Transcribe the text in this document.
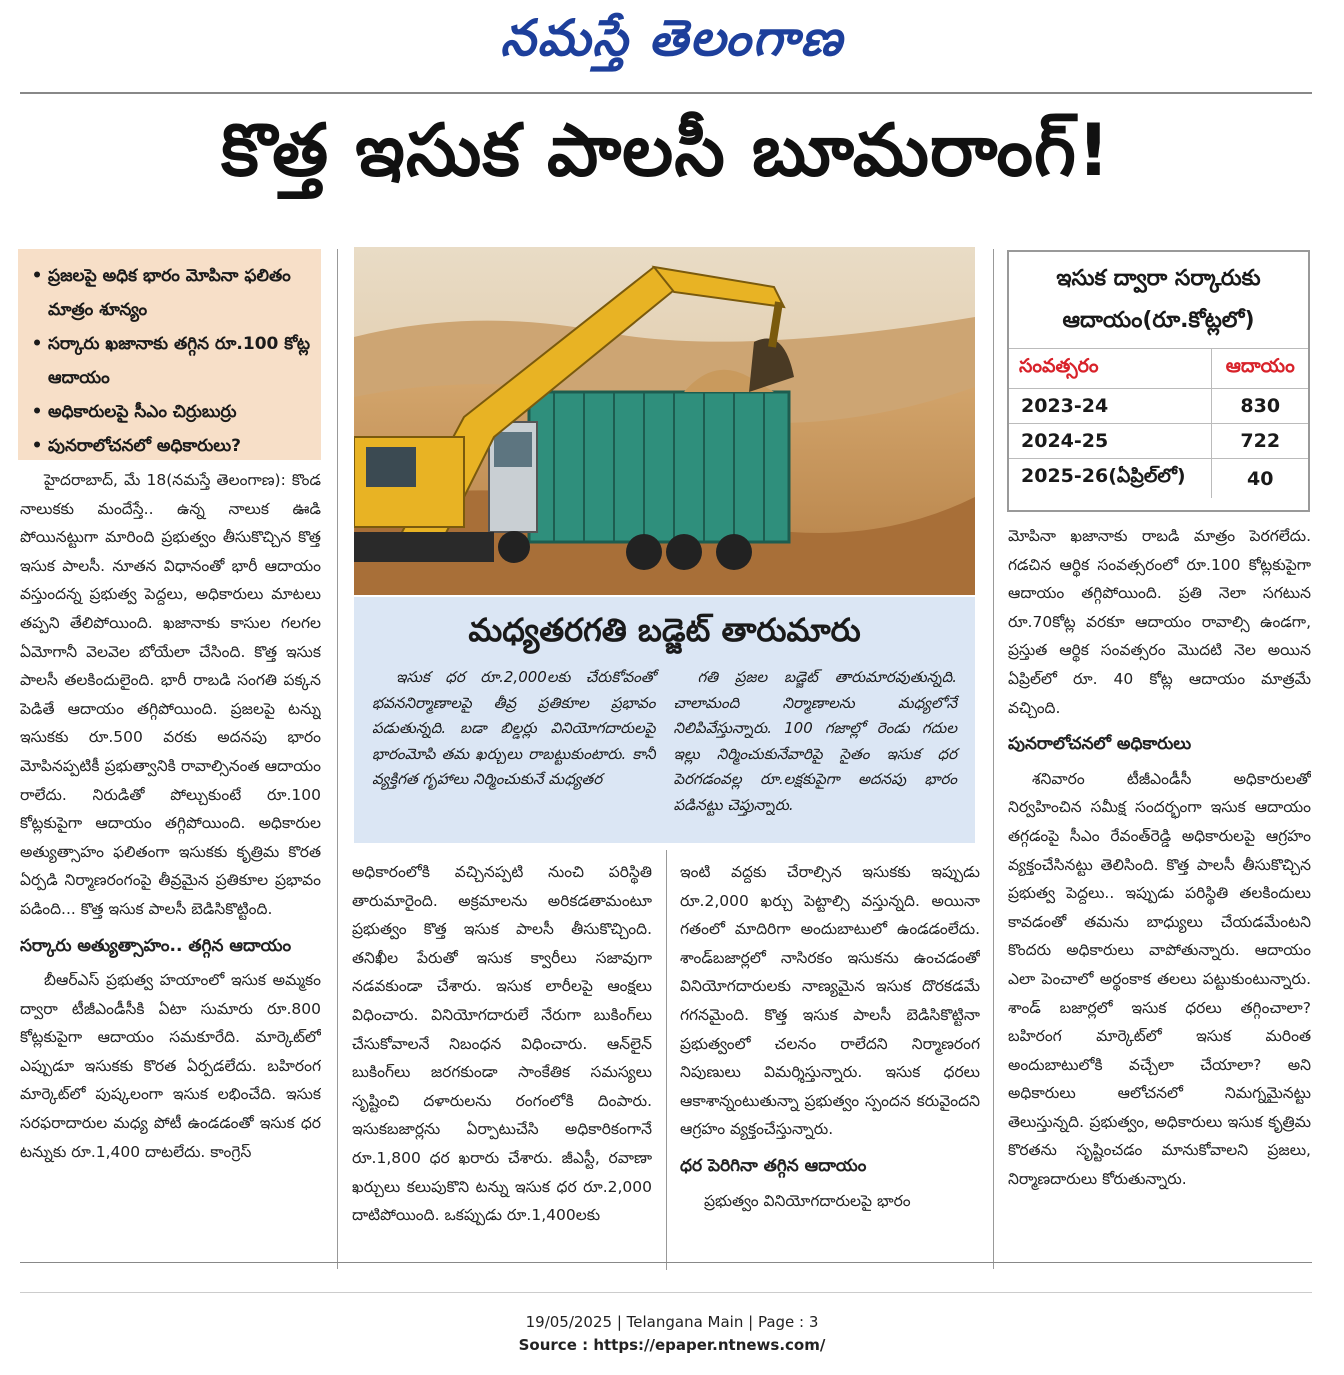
నమస్తే తెలంగాణ
కొత్త ఇసుక పాలసీ బూమరాంగ్!
• ప్రజలపై అధిక భారం మోపినా ఫలితం మాత్రం శూన్యం
• సర్కారు ఖజానాకు తగ్గిన రూ.100 కోట్ల ఆదాయం
• అధికారులపై సీఎం చిర్రుబుర్రు
• పునరాలోచనలో అధికారులు?

హైదరాబాద్, మే 18(నమస్తే తెలంగాణ): కొండ నాలుకకు మందేస్తే.. ఉన్న నాలుక ఊడి పోయినట్టుగా మారింది ప్రభుత్వం తీసుకొచ్చిన కొత్త ఇసుక పాలసీ. నూతన విధానంతో భారీ ఆదాయం వస్తుందన్న ప్రభుత్వ పెద్దలు, అధికారులు మాటలు తప్పని తేలిపోయింది. ఖజానాకు కాసుల గలగల ఏమోగానీ వెలవెల బోయేలా చేసింది. కొత్త ఇసుక పాలసీ తలకిందులైంది. భారీ రాబడి సంగతి పక్కన పెడితే ఆదాయం తగ్గిపోయింది. ప్రజలపై టన్ను ఇసుకకు రూ.500 వరకు అదనపు భారం మోపినప్పటికీ ప్రభుత్వానికి రావాల్సినంత ఆదాయం రాలేదు. నిరుడితో పోల్చుకుంటే రూ.100 కోట్లకుపైగా ఆదాయం తగ్గిపోయింది. అధికారుల అత్యుత్సాహం ఫలితంగా ఇసుకకు కృత్రిమ కొరత ఏర్పడి నిర్మాణరంగంపై తీవ్రమైన ప్రతికూల ప్రభావం పడింది... కొత్త ఇసుక పాలసీ బెడిసికొట్టింది.

సర్కారు అత్యుత్సాహం.. తగ్గిన ఆదాయం

బీఆర్ఎస్ ప్రభుత్వ హయాంలో ఇసుక అమ్మకం ద్వారా టీజీఎండీసీకి ఏటా సుమారు రూ.800 కోట్లకుపైగా ఆదాయం సమకూరేది. మార్కెట్‌లో ఎప్పుడూ ఇసుకకు కొరత ఏర్పడలేదు. బహిరంగ మార్కెట్‌లో పుష్కలంగా ఇసుక లభించేది. ఇసుక సరఫరాదారుల మధ్య పోటీ ఉండడంతో ఇసుక ధర టన్నుకు రూ.1,400 దాటలేదు. కాంగ్రెస్

మధ్యతరగతి బడ్జెట్ తారుమారు

ఇసుక ధర రూ.2,000లకు చేరుకోవంతో భవననిర్మాణాలపై తీవ్ర ప్రతికూల ప్రభావం పడుతున్నది. బడా బిల్డర్లు వినియోగదారులపై భారంమోపి తమ ఖర్చులు రాబట్టుకుంటారు. కానీ వ్యక్తిగత గృహాలు నిర్మించుకునే మధ్యతర

గతి ప్రజల బడ్జెట్ తారుమారవుతున్నది. చాలామంది నిర్మాణాలను మధ్యలోనే నిలిపివేస్తున్నారు. 100 గజాల్లో రెండు గదుల ఇల్లు నిర్మించుకునేవారిపై సైతం ఇసుక ధర పెరగడంవల్ల రూ.లక్షకుపైగా అదనపు భారం పడినట్టు చెప్తున్నారు.

అధికారంలోకి వచ్చినప్పటి నుంచి పరిస్థితి తారుమారైంది. అక్రమాలను అరికడతామంటూ ప్రభుత్వం కొత్త ఇసుక పాలసీ తీసుకొచ్చింది. తనిఖీల పేరుతో ఇసుక క్వారీలు సజావుగా నడవకుండా చేశారు. ఇసుక లారీలపై ఆంక్షలు విధించారు. వినియోగదారులే నేరుగా బుకింగ్‌లు చేసుకోవాలనే నిబంధన విధించారు. ఆన్‌లైన్ బుకింగ్‌లు జరగకుండా సాంకేతిక సమస్యలు సృష్టించి దళారులను రంగంలోకి దింపారు. ఇసుకబజార్లను ఏర్పాటుచేసి అధికారికంగానే రూ.1,800 ధర ఖరారు చేశారు. జీఎస్టీ, రవాణా ఖర్చులు కలుపుకొని టన్ను ఇసుక ధర రూ.2,000 దాటిపోయింది. ఒకప్పుడు రూ.1,400లకు

ఇంటి వద్దకు చేరాల్సిన ఇసుకకు ఇప్పుడు రూ.2,000 ఖర్చు పెట్టాల్సి వస్తున్నది. అయినా గతంలో మాదిరిగా అందుబాటులో ఉండడంలేదు. శాండ్‌బజార్లలో నాసిరకం ఇసుకను ఉంచడంతో వినియోగదారులకు నాణ్యమైన ఇసుక దొరకడమే గగనమైంది. కొత్త ఇసుక పాలసీ బెడిసికొట్టినా ప్రభుత్వంలో చలనం రాలేదని నిర్మాణరంగ నిపుణులు విమర్శిస్తున్నారు. ఇసుక ధరలు ఆకాశాన్నంటుతున్నా ప్రభుత్వం స్పందన కరువైందని ఆగ్రహం వ్యక్తంచేస్తున్నారు.

ధర పెరిగినా తగ్గిన ఆదాయం

ప్రభుత్వం వినియోగదారులపై భారం

ఇసుక ద్వారా సర్కారుకు ఆదాయం(రూ.కోట్లలో)
సంవత్సరం	ఆదాయం
2023-24	830
2024-25	722
2025-26(ఏప్రిల్‌లో)	40

మోపినా ఖజానాకు రాబడి మాత్రం పెరగలేదు. గడచిన ఆర్థిక సంవత్సరంలో రూ.100 కోట్లకుపైగా ఆదాయం తగ్గిపోయింది. ప్రతి నెలా సగటున రూ.70కోట్ల వరకూ ఆదాయం రావాల్సి ఉండగా, ప్రస్తుత ఆర్థిక సంవత్సరం మొదటి నెల అయిన ఏప్రిల్‌లో రూ. 40 కోట్ల ఆదాయం మాత్రమే వచ్చింది.

పునరాలోచనలో అధికారులు

శనివారం టీజీఎండీసీ అధికారులతో నిర్వహించిన సమీక్ష సందర్భంగా ఇసుక ఆదాయం తగ్గడంపై సీఎం రేవంత్‌రెడ్డి అధికారులపై ఆగ్రహం వ్యక్తంచేసినట్టు తెలిసింది. కొత్త పాలసీ తీసుకొచ్చిన ప్రభుత్వ పెద్దలు.. ఇప్పుడు పరిస్థితి తలకిందులు కావడంతో తమను బాధ్యులు చేయడమేంటని కొందరు అధికారులు వాపోతున్నారు. ఆదాయం ఎలా పెంచాలో అర్థంకాక తలలు పట్టుకుంటున్నారు. శాండ్ బజార్లలో ఇసుక ధరలు తగ్గించాలా? బహిరంగ మార్కెట్‌లో ఇసుక మరింత అందుబాటులోకి వచ్చేలా చేయాలా? అని అధికారులు ఆలోచనలో నిమగ్నమైనట్టు తెలుస్తున్నది. ప్రభుత్వం, అధికారులు ఇసుక కృత్రిమ కొరతను సృష్టించడం మానుకోవాలని ప్రజలు, నిర్మాణదారులు కోరుతున్నారు.

19/05/2025 | Telangana Main | Page : 3
Source : https://epaper.ntnews.com/
